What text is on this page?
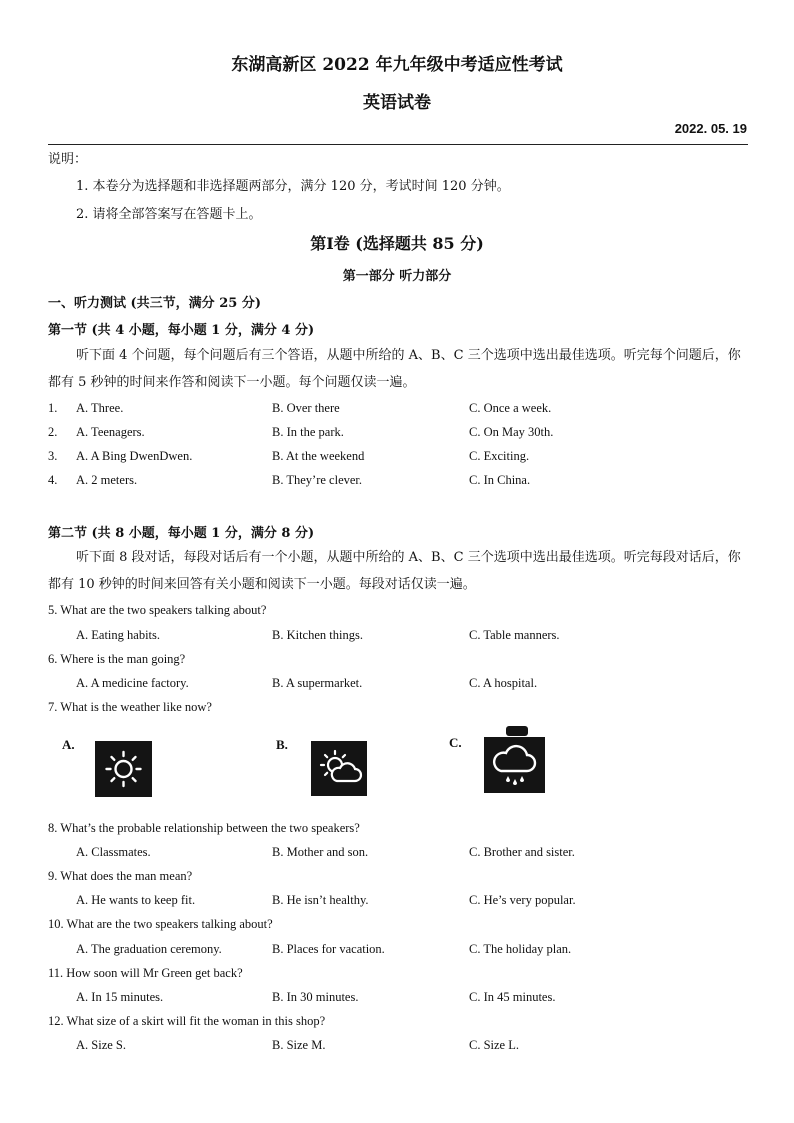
东湖高新区 2022 年九年级中考适应性考试
英语试卷
2022. 05. 19
说明：
1. 本卷分为选择题和非选择题两部分，满分 120 分，考试时间 120 分钟。
2. 请将全部答案写在答题卡上。
第Ⅰ卷 (选择题共 85 分)
第一部分 听力部分
一、听力测试 (共三节，满分 25 分)
第一节 (共 4 小题，每小题 1 分，满分 4 分)
听下面 4 个问题，每个问题后有三个答语，从题中所给的 A、B、C 三个选项中选出最佳选项。听完每个问题后，你都有 5 秒钟的时间来作答和阅读下一小题。每个问题仅读一遍。
1. A. Three.	B. Over there	C. Once a week.
2. A. Teenagers.	B. In the park.	C. On May 30th.
3. A. A Bing DwenDwen.	B. At the weekend	C. Exciting.
4. A. 2 meters.	B. They’re clever.	C. In China.
第二节 (共 8 小题，每小题 1 分，满分 8 分)
听下面 8 段对话，每段对话后有一个小题，从题中所给的 A、B、C 三个选项中选出最佳选项。听完每段对话后，你都有 10 秒钟的时间来回答有关小题和阅读下一小题。每段对话仅读一遍。
5. What are the two speakers talking about?
A. Eating habits.	B. Kitchen things.	C. Table manners.
6. Where is the man going?
A. A medicine factory.	B. A supermarket.	C. A hospital.
7. What is the weather like now?
A.	B.	C.
8. What’s the probable relationship between the two speakers?
A. Classmates.	B. Mother and son.	C. Brother and sister.
9. What does the man mean?
A. He wants to keep fit.	B. He isn’t healthy.	C. He’s very popular.
10. What are the two speakers talking about?
A. The graduation ceremony.	B. Places for vacation.	C. The holiday plan.
11. How soon will Mr Green get back?
A. In 15 minutes.	B. In 30 minutes.	C. In 45 minutes.
12. What size of a skirt will fit the woman in this shop?
A. Size S.	B. Size M.	C. Size L.
